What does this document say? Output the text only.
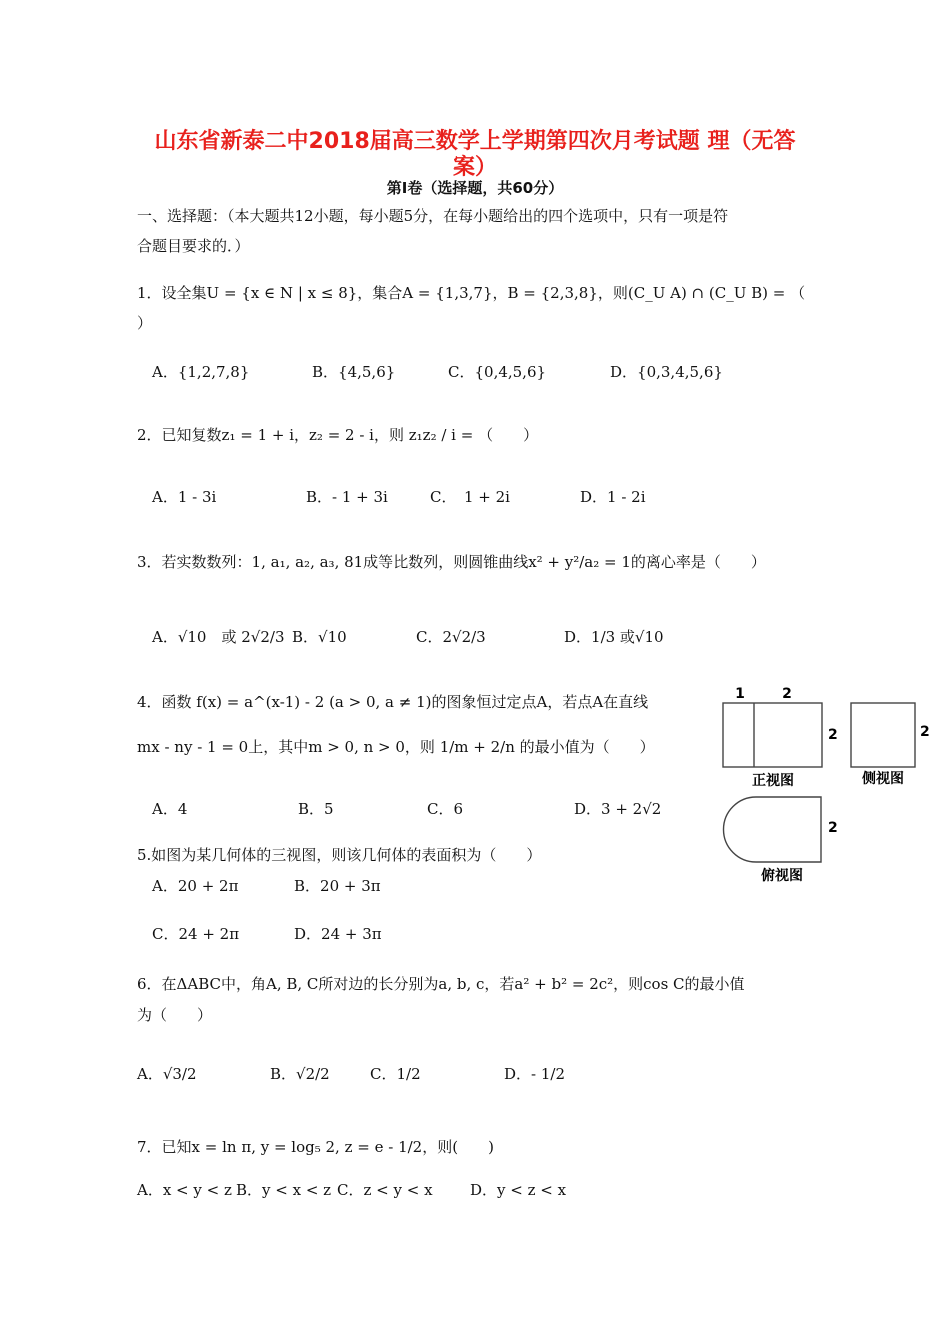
山东省新泰二中2018届高三数学上学期第四次月考试题 理（无答
案）
第Ⅰ卷（选择题，共60分）
一、选择题：（本大题共12小题，每小题5分，在每小题给出的四个选项中，只有一项是符
合题目要求的．）
1．设全集U = {x ∈ N | x ≤ 8}，集合A = {1,3,7}，B = {2,3,8}，则(C_U A) ∩ (C_U B) = （
）
A．{1,2,7,8}	B．{4,5,6}	C．{0,4,5,6}	D．{0,3,4,5,6}
2．已知复数z₁ = 1 + i，z₂ = 2 - i，则 z₁z₂ / i = （　　）
A．1 - 3i	B．- 1 + 3i	C．　1 + 2i	D．1 - 2i
3．若实数数列：1, a₁, a₂, a₃, 81成等比数列，则圆锥曲线x² + y²/a₂ = 1的离心率是（　　）
A．√10　或 2√2/3 B．√10	C．2√2/3	D．1/3 或√10
4．函数 f(x) = a^(x-1) - 2 (a > 0, a ≠ 1)的图象恒过定点A，若点A在直线
mx - ny - 1 = 0上，其中m > 0, n > 0，则 1/m + 2/n 的最小值为（　　）
A．4	B．5	C．6	D．3 + 2√2
5.如图为某几何体的三视图，则该几何体的表面积为（　　）
A．20 + 2π	B．20 + 3π
C．24 + 2π	D．24 + 3π
1	2
2
正视图
2
侧视图
2
俯视图
6．在ΔABC中，角A, B, C所对边的长分别为a, b, c，若a² + b² = 2c²，则cos C的最小值
为（　　）
A．√3/2	B．√2/2	C．1/2	D．- 1/2
7．已知x = ln π, y = log₅ 2, z = e - 1/2，则(　　)
A．x < y < z B．y < x < z C．z < y < x D．y < z < x
